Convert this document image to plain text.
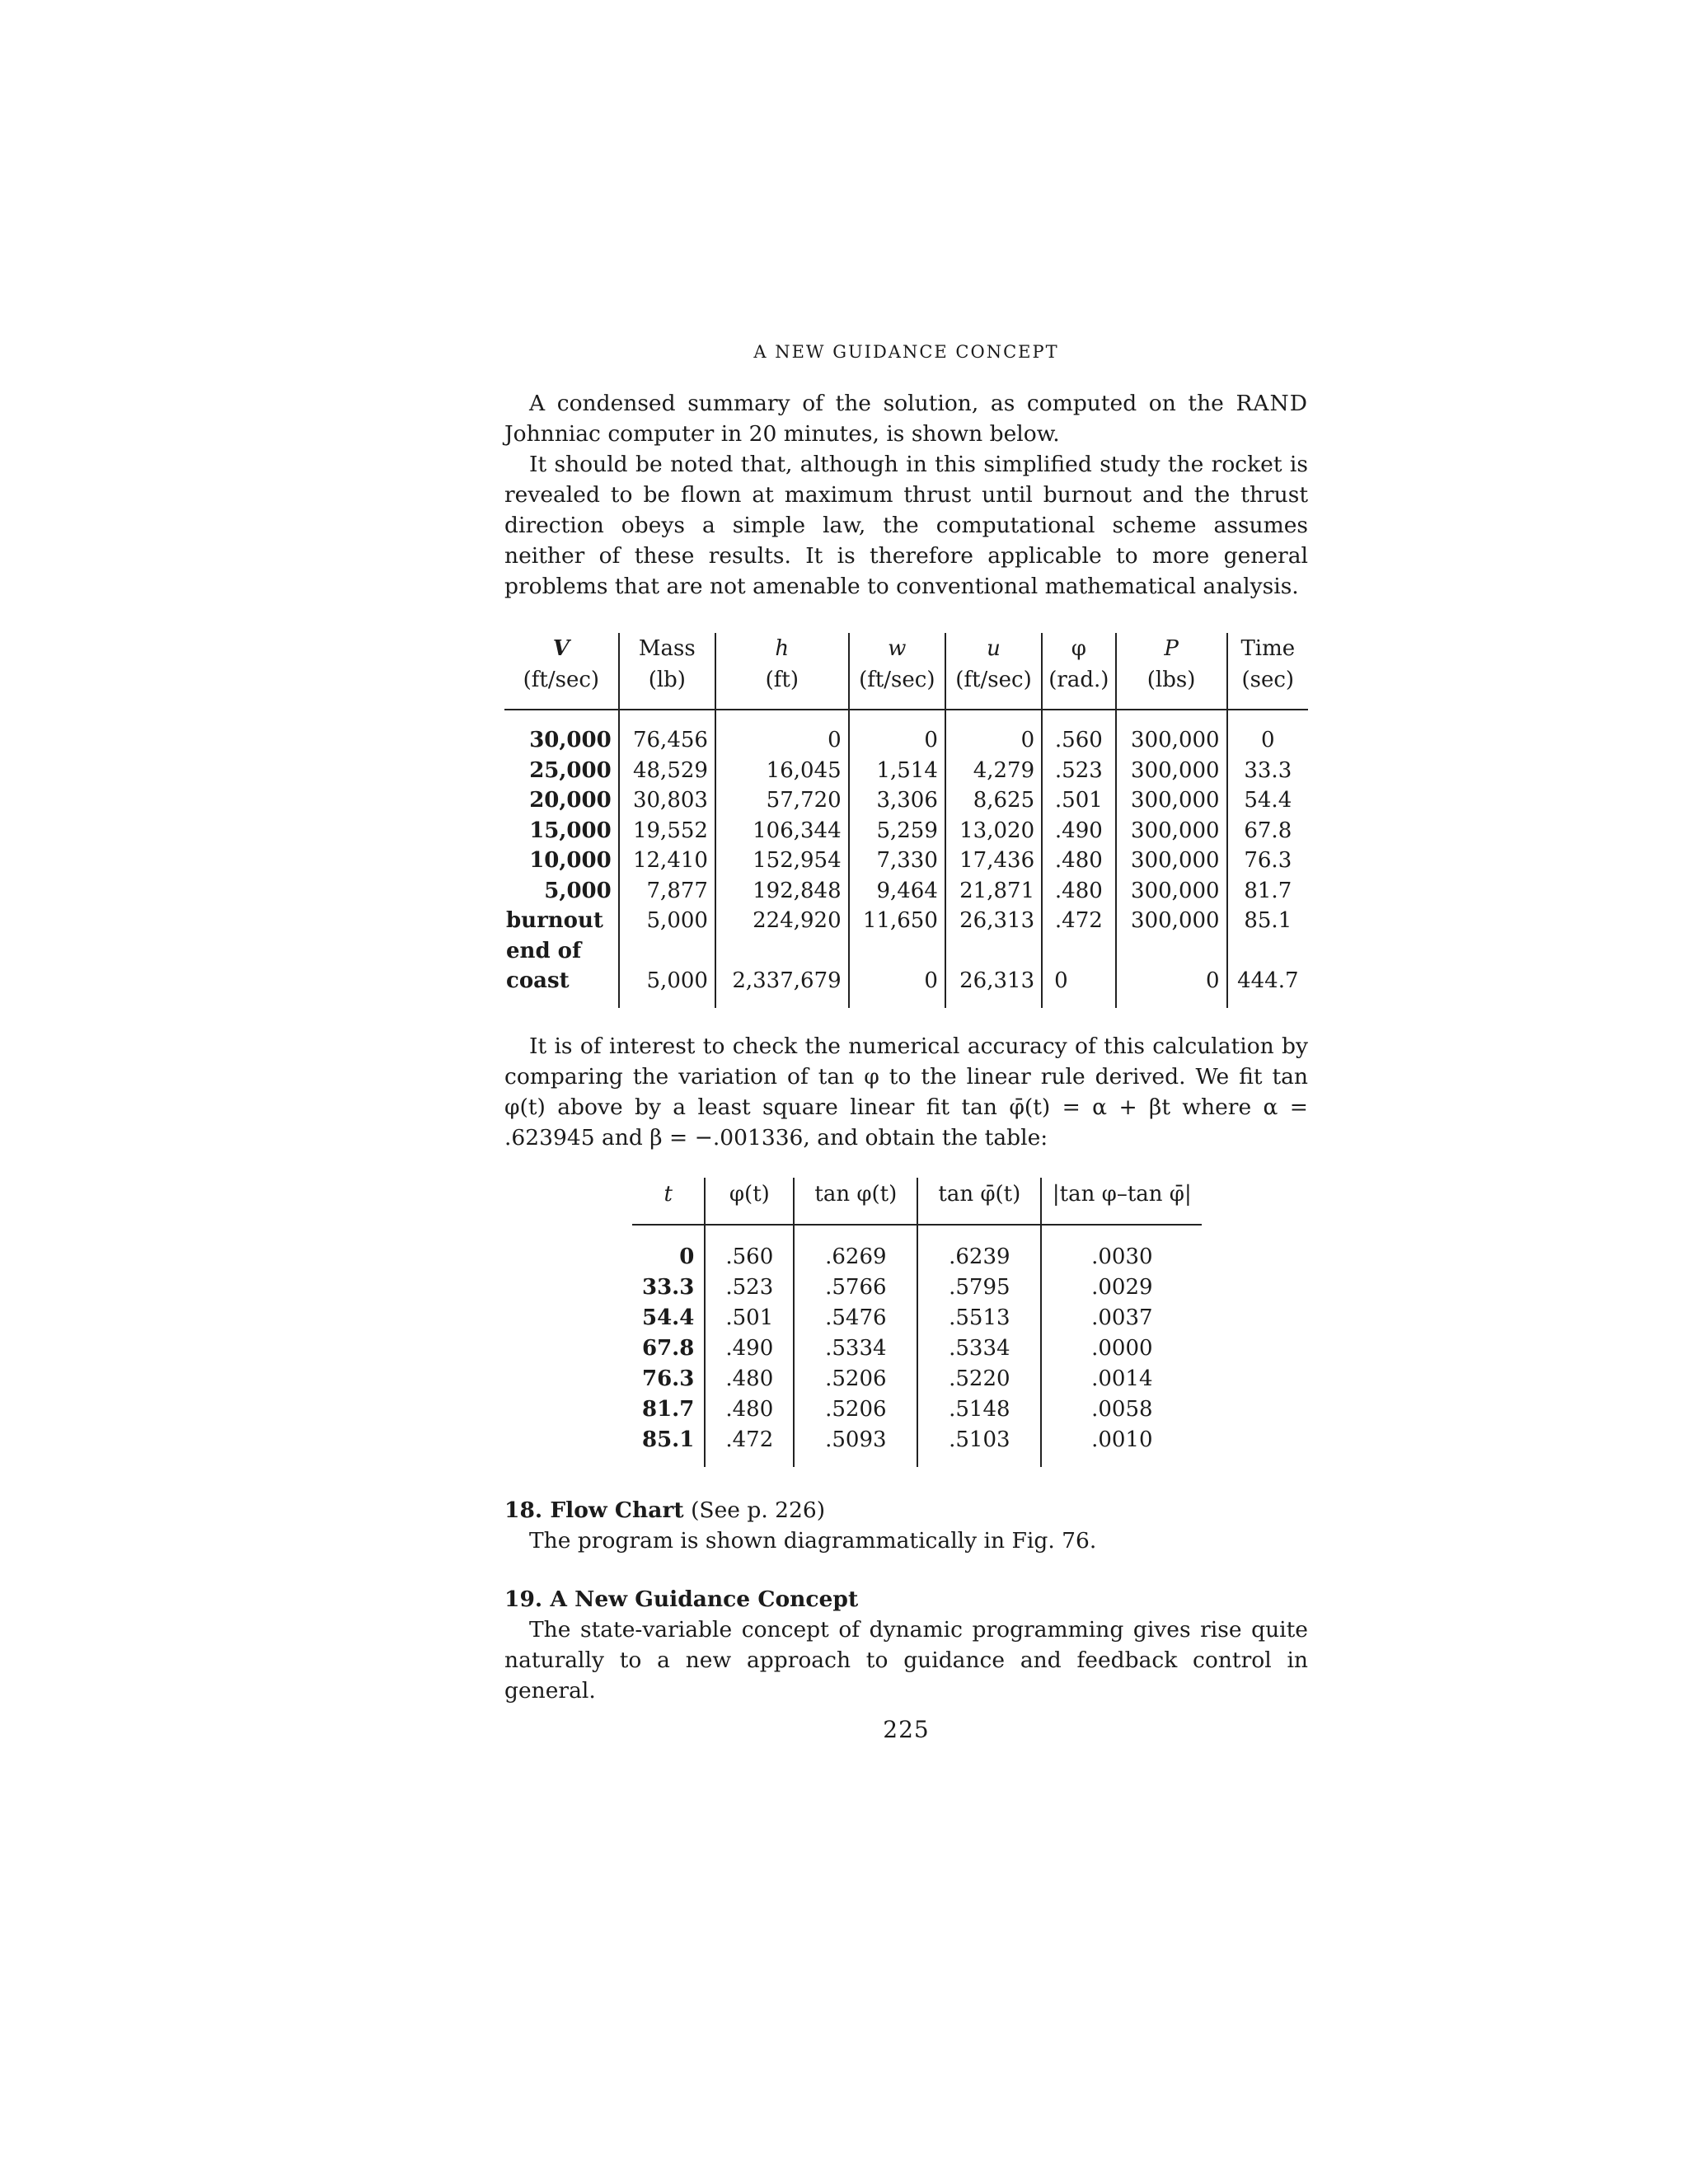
A NEW GUIDANCE CONCEPT

A condensed summary of the solution, as computed on the RAND Johnniac computer in 20 minutes, is shown below.

It should be noted that, although in this simplified study the rocket is revealed to be flown at maximum thrust until burnout and the thrust direction obeys a simple law, the computational scheme assumes neither of these results. It is therefore applicable to more general problems that are not amenable to conventional mathematical analysis.

V	Mass	h	w	u	φ	P	Time
(ft/sec)	(lb)	(ft)	(ft/sec)	(ft/sec)	(rad.)	(lbs)	(sec)
30,000	76,456	0	0	0	.560	300,000	0
25,000	48,529	16,045	1,514	4,279	.523	300,000	33.3
20,000	30,803	57,720	3,306	8,625	.501	300,000	54.4
15,000	19,552	106,344	5,259	13,020	.490	300,000	67.8
10,000	12,410	152,954	7,330	17,436	.480	300,000	76.3
5,000	7,877	192,848	9,464	21,871	.480	300,000	81.7
burnout	5,000	224,920	11,650	26,313	.472	300,000	85.1
end of							
coast	5,000	2,337,679	0	26,313	0	0	444.7

It is of interest to check the numerical accuracy of this calculation by comparing the variation of tan φ to the linear rule derived. We fit tan φ(t) above by a least square linear fit tan φ̄(t) = α + βt where α = .623945 and β = −.001336, and obtain the table:

t	φ(t)	tan φ(t)	tan φ̄(t)	|tan φ–tan φ̄|
0	.560	.6269	.6239	.0030
33.3	.523	.5766	.5795	.0029
54.4	.501	.5476	.5513	.0037
67.8	.490	.5334	.5334	.0000
76.3	.480	.5206	.5220	.0014
81.7	.480	.5206	.5148	.0058
85.1	.472	.5093	.5103	.0010
18. Flow Chart (See p. 226)

The program is shown diagrammatically in Fig. 76.

19. A New Guidance Concept

The state-variable concept of dynamic programming gives rise quite naturally to a new approach to guidance and feedback control in general.

225
